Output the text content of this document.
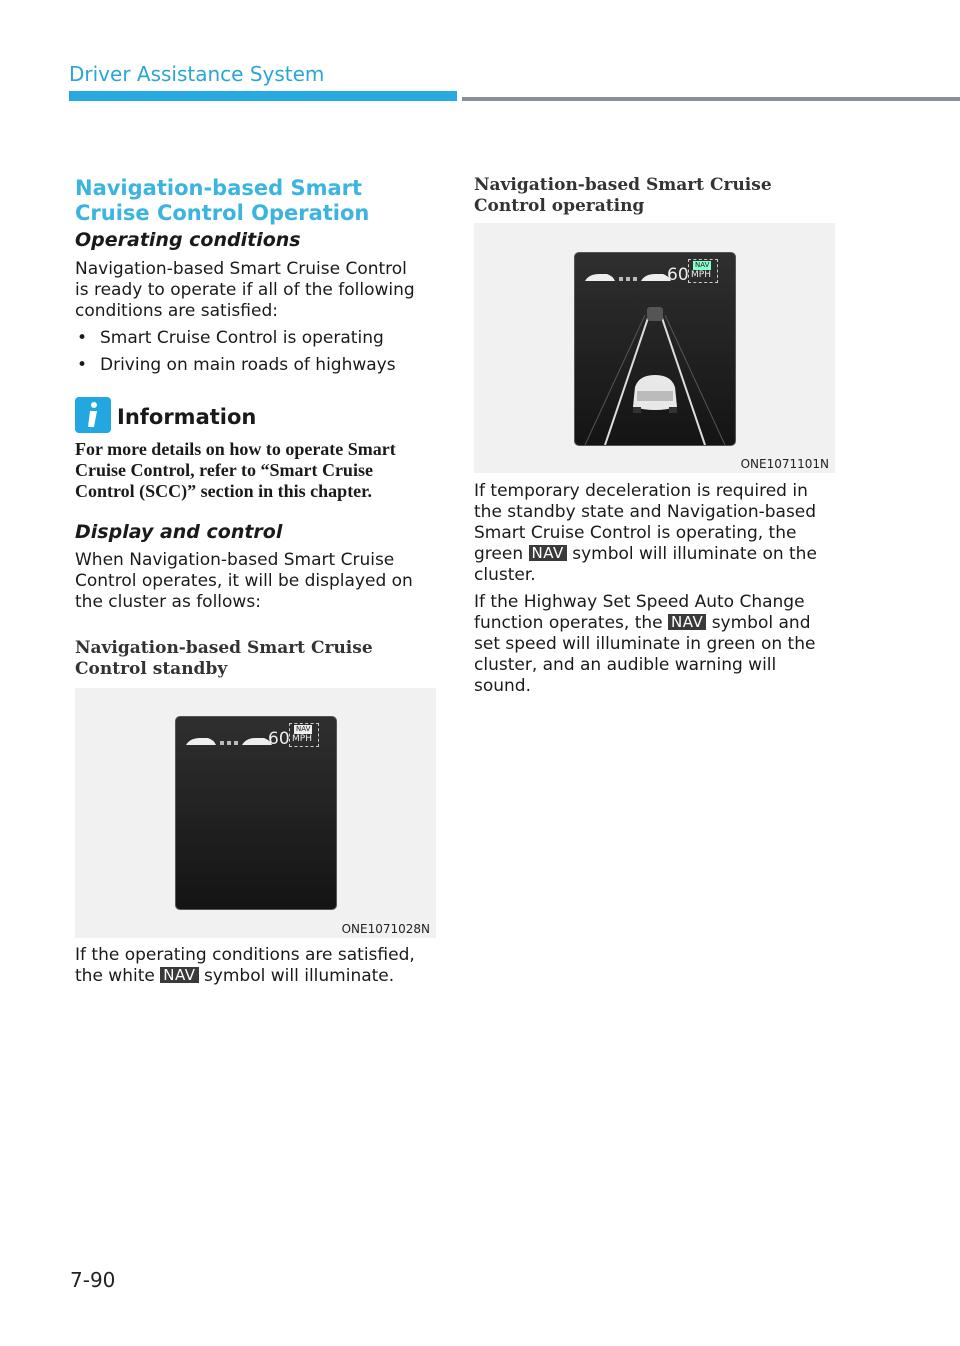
Driver Assistance System

Navigation-based Smart Cruise Control Operation

Operating conditions

Navigation-based Smart Cruise Control is ready to operate if all of the following conditions are satisfied:

• Smart Cruise Control is operating

• Driving on main roads of highways

Information

For more details on how to operate Smart Cruise Control, refer to “Smart Cruise Control (SCC)” section in this chapter.

Display and control

When Navigation-based Smart Cruise Control operates, it will be displayed on the cluster as follows:

Navigation-based Smart Cruise Control standby

60 NAV
MPH
ONE1071028N

If the operating conditions are satisfied, the white NAV symbol will illuminate.

Navigation-based Smart Cruise Control operating

60 NAV
MPH
ONE1071101N

If temporary deceleration is required in the standby state and Navigation-based Smart Cruise Control is operating, the green NAV symbol will illuminate on the cluster.

If the Highway Set Speed Auto Change function operates, the NAV symbol and set speed will illuminate in green on the cluster, and an audible warning will sound.

7-90
